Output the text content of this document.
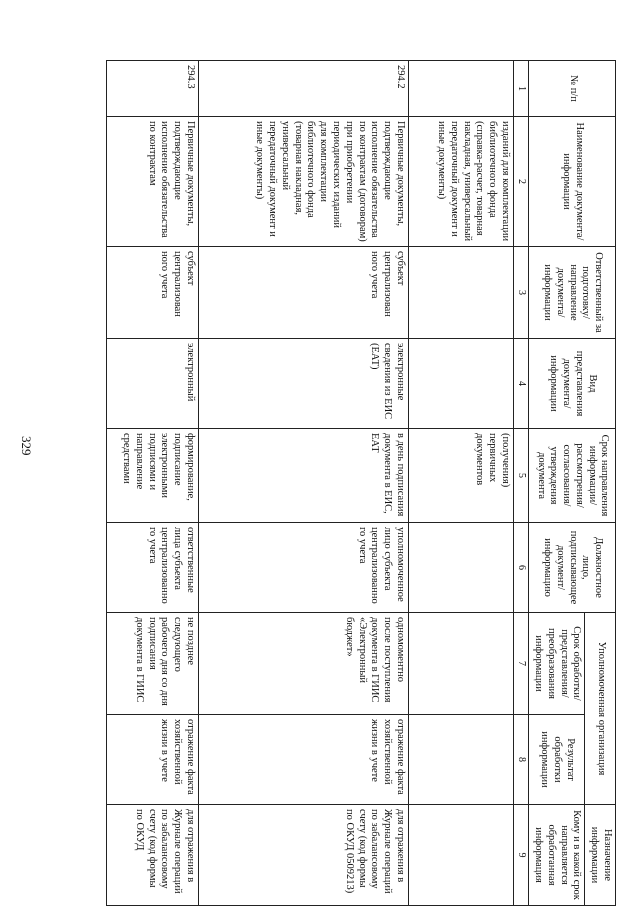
329
№ п/п	Наименование документа/ информации	Ответственный за подготовку/ направление документа/ информации	Вид представления документа/ информации	Срок направления информации/ рассмотрения/ согласования/ утверждения документа	Должностное лицо, подписывающее документ/ информацию	Уполномоченная организация		Назначение информации
						Срок обработки/ представления/ преобразования информации	Результат обработки информации	Кому и в какой срок направляется обработанная информация
1	2	3	4	5	6	7	8	9
	изданий для комплектации библиотечного фонда (справка-расчет, товарная накладная, универсальный передаточный документ и иные документы)			(получения) первичных документов				
294.2	Первичные документы, подтверждающие исполнение обязательства по контрактам (договорам) при приобретении периодических изданий для комплектации библиотечного фонда (товарная накладная, универсальный передаточный документ и иные документы)	субъект централизован ного учета	электронные сведения из ЕИС (ЕАТ)	в день подписания документа в ЕИС, ЕАТ	уполномоченное лицо субъекта централизованно го учета	одномоментно после поступления документа в ГИИС «Электронный бюджет»	отражение факта хозяйственной жизни в учете	для отражения в Журнале операций по забалансовому счету (код формы по ОКУД 0509213)
294.3	Первичные документы, подтверждающие исполнение обязательства по контрактам	субъект централизован ного учета	электронный	формирование, подписание электронными подписями и направление средствами	ответственные лица субъекта централизованно го учета	не позднее следующего рабочего дня со дня подписания документа в ГИИС	отражение факта хозяйственной жизни в учете	для отражения в Журнале операций по забалансовому счету (код формы по ОКУД
